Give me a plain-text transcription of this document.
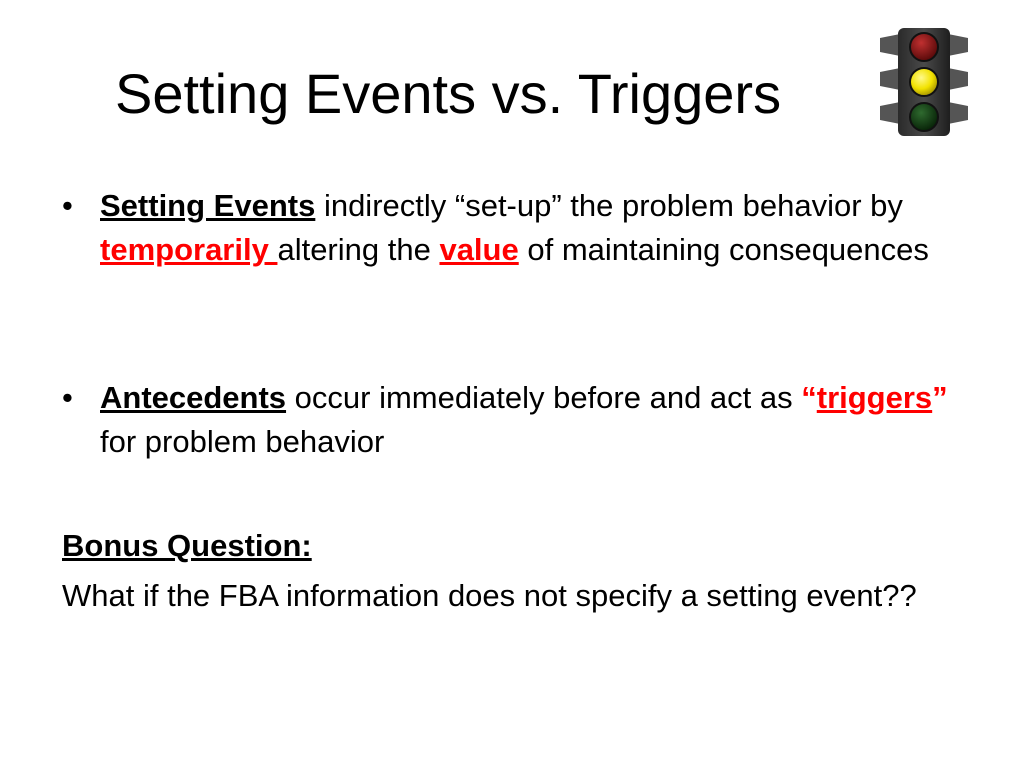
Setting Events vs. Triggers
• Setting Events indirectly “set-up” the problem behavior by temporarily altering the value of maintaining consequences
• Antecedents occur immediately before and act as “triggers” for problem behavior
Bonus Question:
What if the FBA information does not specify a setting event??
